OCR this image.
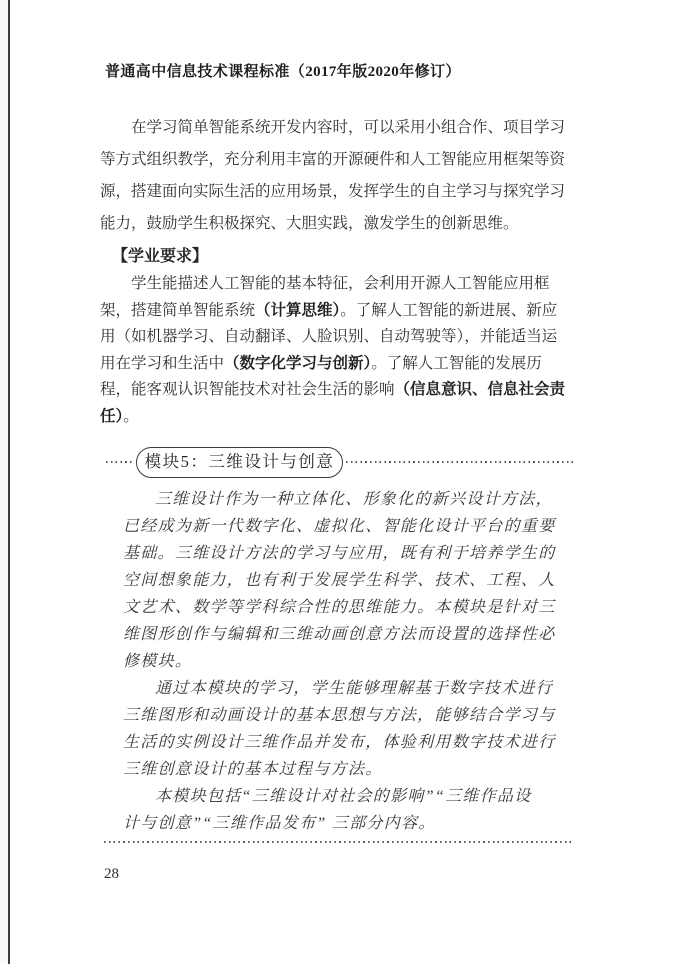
普通高中信息技术课程标准（2017年版2020年修订）
在学习简单智能系统开发内容时，可以采用小组合作、项目学习
等方式组织教学，充分利用丰富的开源硬件和人工智能应用框架等资
源，搭建面向实际生活的应用场景，发挥学生的自主学习与探究学习
能力，鼓励学生积极探究、大胆实践，激发学生的创新思维。
【学业要求】
学生能描述人工智能的基本特征，会利用开源人工智能应用框
架，搭建简单智能系统（计算思维）。了解人工智能的新进展、新应
用（如机器学习、自动翻译、人脸识别、自动驾驶等），并能适当运
用在学习和生活中（数字化学习与创新）。了解人工智能的发展历
程，能客观认识智能技术对社会生活的影响（信息意识、信息社会责
任）。
模块5：三维设计与创意
三维设计作为一种立体化、形象化的新兴设计方法，
已经成为新一代数字化、虚拟化、智能化设计平台的重要
基础。三维设计方法的学习与应用，既有利于培养学生的
空间想象能力，也有利于发展学生科学、技术、工程、人
文艺术、数学等学科综合性的思维能力。本模块是针对三
维图形创作与编辑和三维动画创意方法而设置的选择性必
修模块。
通过本模块的学习，学生能够理解基于数字技术进行
三维图形和动画设计的基本思想与方法，能够结合学习与
生活的实例设计三维作品并发布，体验利用数字技术进行
三维创意设计的基本过程与方法。
本模块包括“三维设计对社会的影响”“三维作品设
计与创意”“三维作品发布” 三部分内容。
28
